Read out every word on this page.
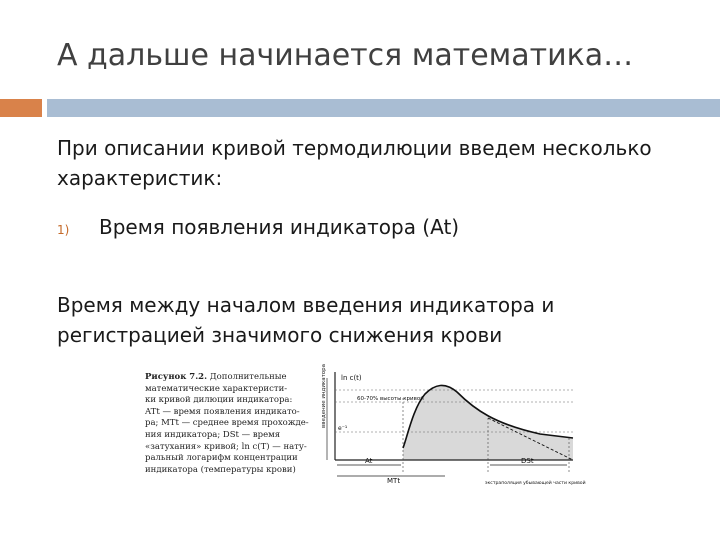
А дальше начинается математика…
При описании кривой термодилюции введем несколько характеристик:
1)	Время появления индикатора (At)
Время между началом введения индикатора и регистрацией значимого снижения крови
Рисунок 7.2. Дополнительные
математические характеристи-
ки кривой дилюции индикатора:
ATt — время появления индикато-
ра; MTt — среднее время прохожде-
ния индикатора; DSt — время
«затухания» кривой; ln c(T) — нату-
ральный логарифм концентрации
индикатора (температуры крови)
введение индикатора ln c(t)
60-70% высоты кривой
e⁻¹
At
MTt
DSt
экстраполяция убывающей части кривой
